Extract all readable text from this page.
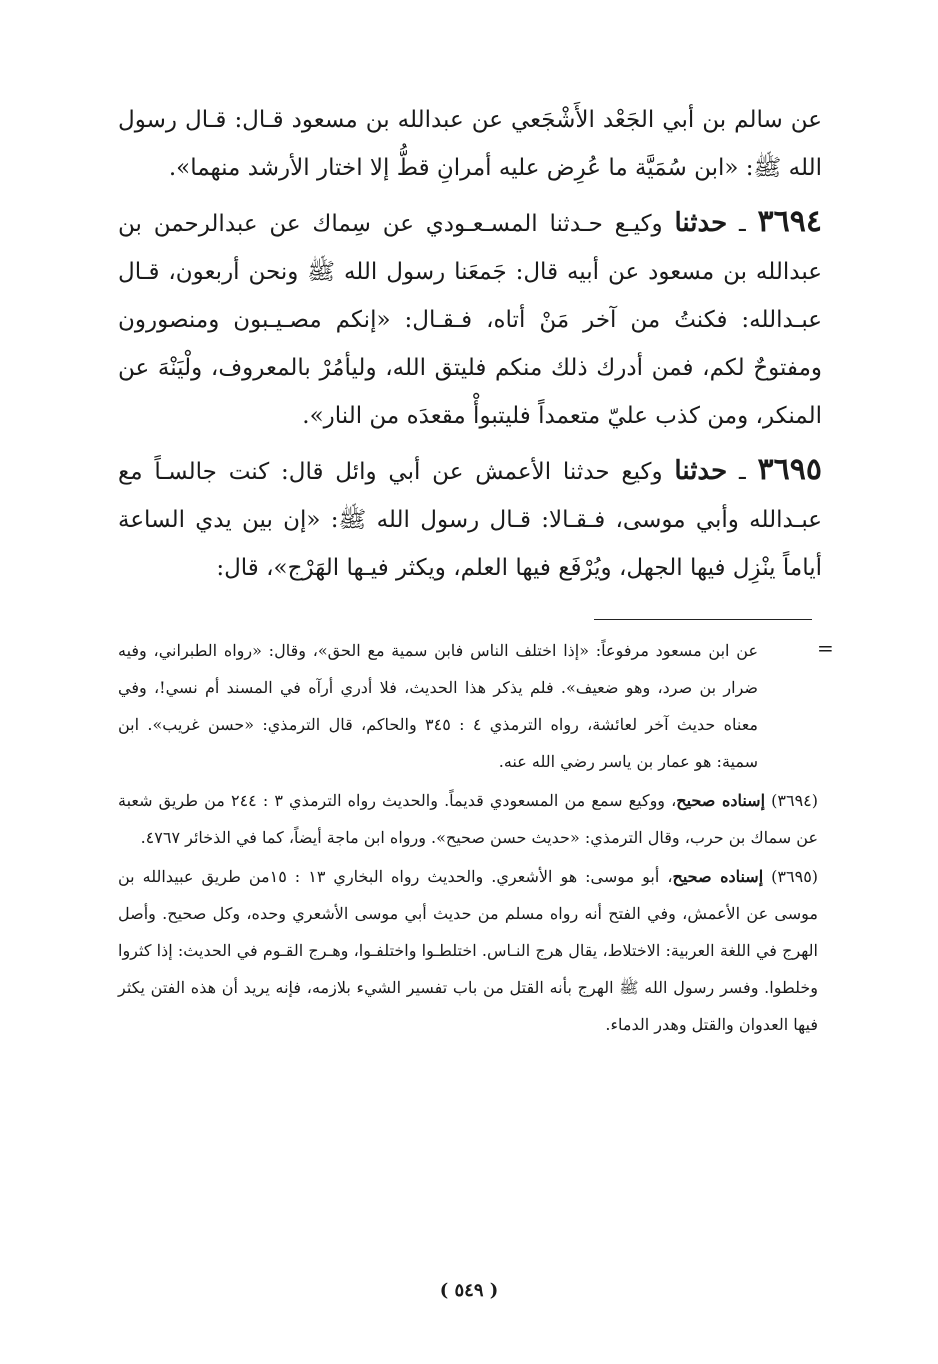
عن سالم بن أبي الجَعْد الأَشْجَعي عن عبدالله بن مسعود قـال: قـال رسول الله ﷺ: «ابن سُمَيَّة ما عُرِض عليه أمرانِ قطُّ إلا اختار الأرشد منهما».

٣٦٩٤ ـ حدثنا وكيـع حـدثنا المسـعـودي عن سِماك عن عبدالرحمن بن عبدالله بن مسعود عن أبيه قال: جَمعَنا رسول الله ﷺ ونحن أربعون، قـال عبـدالله: فكنتُ من آخر مَنْ أتاه، فـقـال: «إنكم مصـيـبون ومنصورون ومفتوحٌ لكم، فمن أدرك ذلك منكم فليتق الله، وليأمُرْ بالمعروف، ولْيَنْهَ عن المنكر، ومن كذب عليّ متعمداً فليتبوأْ مقعدَه من النار».

٣٦٩٥ ـ حدثنا وكيع حدثنا الأعمش عن أبي وائل قال: كنت جالسـاً مع عبـدالله وأبي موسى، فـقـالا: قـال رسول الله ﷺ: «إن بين يدي الساعة أياماً ينْزِل فيها الجهل، ويُرْفَع فيها العلم، ويكثر فيـها الهَرْج»، قال:

=

عن ابن مسعود مرفوعاً: «إذا اختلف الناس فابن سمية مع الحق»، وقال: «رواه الطبراني، وفيه ضرار بن صرد، وهو ضعيف». فلم يذكر هذا الحديث، فلا أدري أرآه في المسند أم نسي!، وفي معناه حديث آخر لعائشة، رواه الترمذي ٤ : ٣٤٥ والحاكم، قال الترمذي: «حسن غريب». ابن سمية: هو عمار بن ياسر رضي الله عنه.

(٣٦٩٤) إسناده صحيح، ووكيع سمع من المسعودي قديماً. والحديث رواه الترمذي ٣ : ٢٤٤ من طريق شعبة عن سماك بن حرب، وقال الترمذي: «حديث حسن صحيح». ورواه ابن ماجة أيضاً، كما في الذخائر ٤٧٦٧.

(٣٦٩٥) إسناده صحيح، أبو موسى: هو الأشعري. والحديث رواه البخاري ١٣ : ١٥من طريق عبيدالله بن موسى عن الأعمش، وفي الفتح أنه رواه مسلم من حديث أبي موسى الأشعري وحده، وكل صحيح. وأصل الهرج في اللغة العربية: الاختلاط، يقال هرج النـاس. اختلطـوا واختلفـوا، وهـرج القـوم في الحديث: إذا كثروا وخلطوا. وفسر رسول الله ﷺ الهرج بأنه القتل من باب تفسير الشيء بلازمه، فإنه يريد أن هذه الفتن يكثر فيها العدوان والقتل وهدر الدماء.

( ٥٤٩ )
